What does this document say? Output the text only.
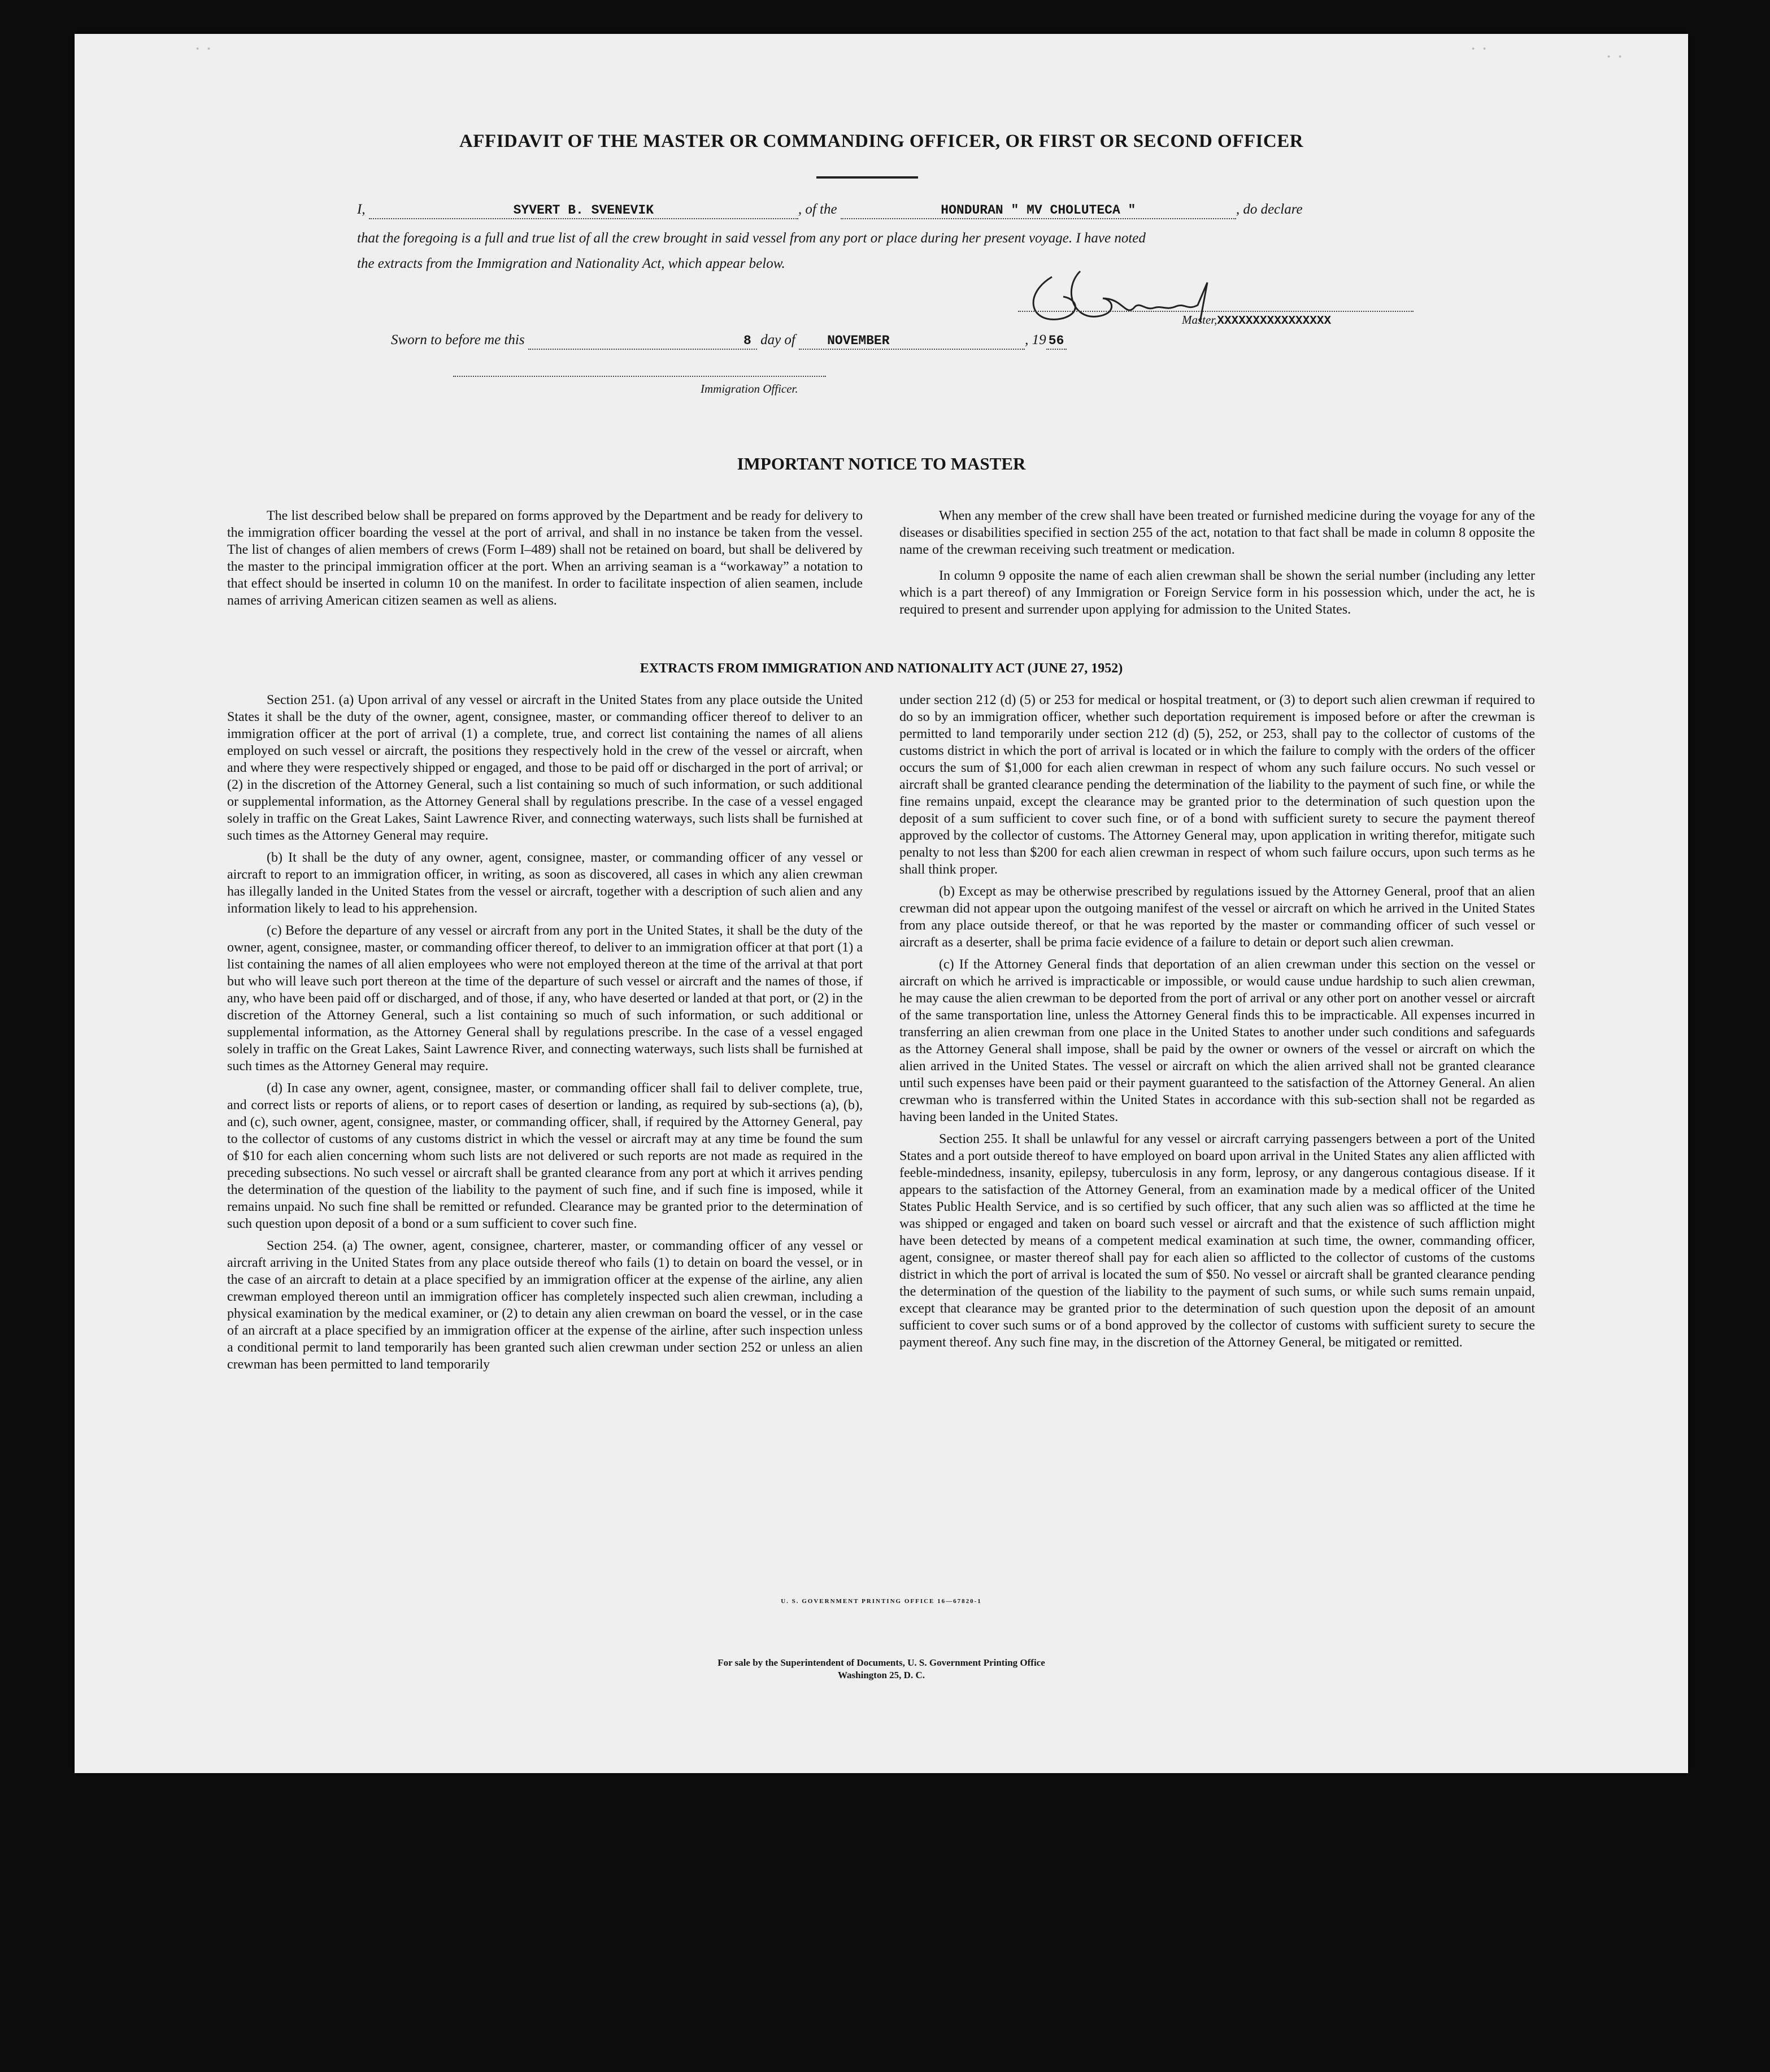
· ·	· ·	· ·
AFFIDAVIT OF THE MASTER OR COMMANDING OFFICER, OR FIRST OR SECOND OFFICER
I,	SYVERT B. SVENEVIK	, of the	HONDURAN " MV CHOLUTECA "	, do declare
that the foregoing is a full and true list of all the crew brought in said vessel from any port or place during her present voyage. I have noted
the extracts from the Immigration and Nationality Act, which appear below.
Master,XXXXXXXXXXXXXXXX
Sworn to before me this	8 day of NOVEMBER	, 19 56
Immigration Officer.
IMPORTANT NOTICE TO MASTER

The list described below shall be prepared on forms approved by the Department and be ready for delivery to the immigration officer boarding the vessel at the port of arrival, and shall in no instance be taken from the vessel. The list of changes of alien members of crews (Form I–489) shall not be retained on board, but shall be delivered by the master to the principal immigration officer at the port. When an arriving seaman is a “workaway” a notation to that effect should be inserted in column 10 on the manifest. In order to facilitate inspection of alien seamen, include names of arriving American citizen seamen as well as aliens.

When any member of the crew shall have been treated or furnished medicine during the voyage for any of the diseases or disabilities specified in section 255 of the act, notation to that fact shall be made in column 8 opposite the name of the crewman receiving such treatment or medication.

In column 9 opposite the name of each alien crewman shall be shown the serial number (including any letter which is a part thereof) of any Immigration or Foreign Service form in his possession which, under the act, he is required to present and surrender upon applying for admission to the United States.

EXTRACTS FROM IMMIGRATION AND NATIONALITY ACT (JUNE 27, 1952)

Section 251. (a) Upon arrival of any vessel or aircraft in the United States from any place outside the United States it shall be the duty of the owner, agent, consignee, master, or commanding officer thereof to deliver to an immigration officer at the port of arrival (1) a complete, true, and correct list containing the names of all aliens employed on such vessel or aircraft, the positions they respectively hold in the crew of the vessel or aircraft, when and where they were respectively shipped or engaged, and those to be paid off or discharged in the port of arrival; or (2) in the discretion of the Attorney General, such a list containing so much of such information, or such additional or supplemental information, as the Attorney General shall by regulations prescribe. In the case of a vessel engaged solely in traffic on the Great Lakes, Saint Lawrence River, and connecting waterways, such lists shall be furnished at such times as the Attorney General may require.

(b) It shall be the duty of any owner, agent, consignee, master, or commanding officer of any vessel or aircraft to report to an immigration officer, in writing, as soon as discovered, all cases in which any alien crewman has illegally landed in the United States from the vessel or aircraft, together with a description of such alien and any information likely to lead to his apprehension.

(c) Before the departure of any vessel or aircraft from any port in the United States, it shall be the duty of the owner, agent, consignee, master, or commanding officer thereof, to deliver to an immigration officer at that port (1) a list containing the names of all alien employees who were not employed thereon at the time of the arrival at that port but who will leave such port thereon at the time of the departure of such vessel or aircraft and the names of those, if any, who have been paid off or discharged, and of those, if any, who have deserted or landed at that port, or (2) in the discretion of the Attorney General, such a list containing so much of such information, or such additional or supplemental information, as the Attorney General shall by regulations prescribe. In the case of a vessel engaged solely in traffic on the Great Lakes, Saint Lawrence River, and connecting waterways, such lists shall be furnished at such times as the Attorney General may require.

(d) In case any owner, agent, consignee, master, or commanding officer shall fail to deliver complete, true, and correct lists or reports of aliens, or to report cases of desertion or landing, as required by sub-sections (a), (b), and (c), such owner, agent, consignee, master, or commanding officer, shall, if required by the Attorney General, pay to the collector of customs of any customs district in which the vessel or aircraft may at any time be found the sum of $10 for each alien concerning whom such lists are not delivered or such reports are not made as required in the preceding subsections. No such vessel or aircraft shall be granted clearance from any port at which it arrives pending the determination of the question of the liability to the payment of such fine, and if such fine is imposed, while it remains unpaid. No such fine shall be remitted or refunded. Clearance may be granted prior to the determination of such question upon deposit of a bond or a sum sufficient to cover such fine.

Section 254. (a) The owner, agent, consignee, charterer, master, or commanding officer of any vessel or aircraft arriving in the United States from any place outside thereof who fails (1) to detain on board the vessel, or in the case of an aircraft to detain at a place specified by an immigration officer at the expense of the airline, any alien crewman employed thereon until an immigration officer has completely inspected such alien crewman, including a physical examination by the medical examiner, or (2) to detain any alien crewman on board the vessel, or in the case of an aircraft at a place specified by an immigration officer at the expense of the airline, after such inspection unless a conditional permit to land temporarily has been granted such alien crewman under section 252 or unless an alien crewman has been permitted to land temporarily

under section 212 (d) (5) or 253 for medical or hospital treatment, or (3) to deport such alien crewman if required to do so by an immigration officer, whether such deportation requirement is imposed before or after the crewman is permitted to land temporarily under section 212 (d) (5), 252, or 253, shall pay to the collector of customs of the customs district in which the port of arrival is located or in which the failure to comply with the orders of the officer occurs the sum of $1,000 for each alien crewman in respect of whom any such failure occurs. No such vessel or aircraft shall be granted clearance pending the determination of the liability to the payment of such fine, or while the fine remains unpaid, except the clearance may be granted prior to the determination of such question upon the deposit of a sum sufficient to cover such fine, or of a bond with sufficient surety to secure the payment thereof approved by the collector of customs. The Attorney General may, upon application in writing therefor, mitigate such penalty to not less than $200 for each alien crewman in respect of whom such failure occurs, upon such terms as he shall think proper.

(b) Except as may be otherwise prescribed by regulations issued by the Attorney General, proof that an alien crewman did not appear upon the outgoing manifest of the vessel or aircraft on which he arrived in the United States from any place outside thereof, or that he was reported by the master or commanding officer of such vessel or aircraft as a deserter, shall be prima facie evidence of a failure to detain or deport such alien crewman.

(c) If the Attorney General finds that deportation of an alien crewman under this section on the vessel or aircraft on which he arrived is impracticable or impossible, or would cause undue hardship to such alien crewman, he may cause the alien crewman to be deported from the port of arrival or any other port on another vessel or aircraft of the same transportation line, unless the Attorney General finds this to be impracticable. All expenses incurred in transferring an alien crewman from one place in the United States to another under such conditions and safeguards as the Attorney General shall impose, shall be paid by the owner or owners of the vessel or aircraft on which the alien arrived in the United States. The vessel or aircraft on which the alien arrived shall not be granted clearance until such expenses have been paid or their payment guaranteed to the satisfaction of the Attorney General. An alien crewman who is transferred within the United States in accordance with this sub-section shall not be regarded as having been landed in the United States.

Section 255. It shall be unlawful for any vessel or aircraft carrying passengers between a port of the United States and a port outside thereof to have employed on board upon arrival in the United States any alien afflicted with feeble-mindedness, insanity, epilepsy, tuberculosis in any form, leprosy, or any dangerous contagious disease. If it appears to the satisfaction of the Attorney General, from an examination made by a medical officer of the United States Public Health Service, and is so certified by such officer, that any such alien was so afflicted at the time he was shipped or engaged and taken on board such vessel or aircraft and that the existence of such affliction might have been detected by means of a competent medical examination at such time, the owner, commanding officer, agent, consignee, or master thereof shall pay for each alien so afflicted to the collector of customs of the customs district in which the port of arrival is located the sum of $50. No vessel or aircraft shall be granted clearance pending the determination of the question of the liability to the payment of such sums, or while such sums remain unpaid, except that clearance may be granted prior to the determination of such question upon the deposit of an amount sufficient to cover such sums or of a bond approved by the collector of customs with sufficient surety to secure the payment thereof. Any such fine may, in the discretion of the Attorney General, be mitigated or remitted.

U. S. GOVERNMENT PRINTING OFFICE 16—67820-1
For sale by the Superintendent of Documents, U. S. Government Printing Office
Washington 25, D. C.
